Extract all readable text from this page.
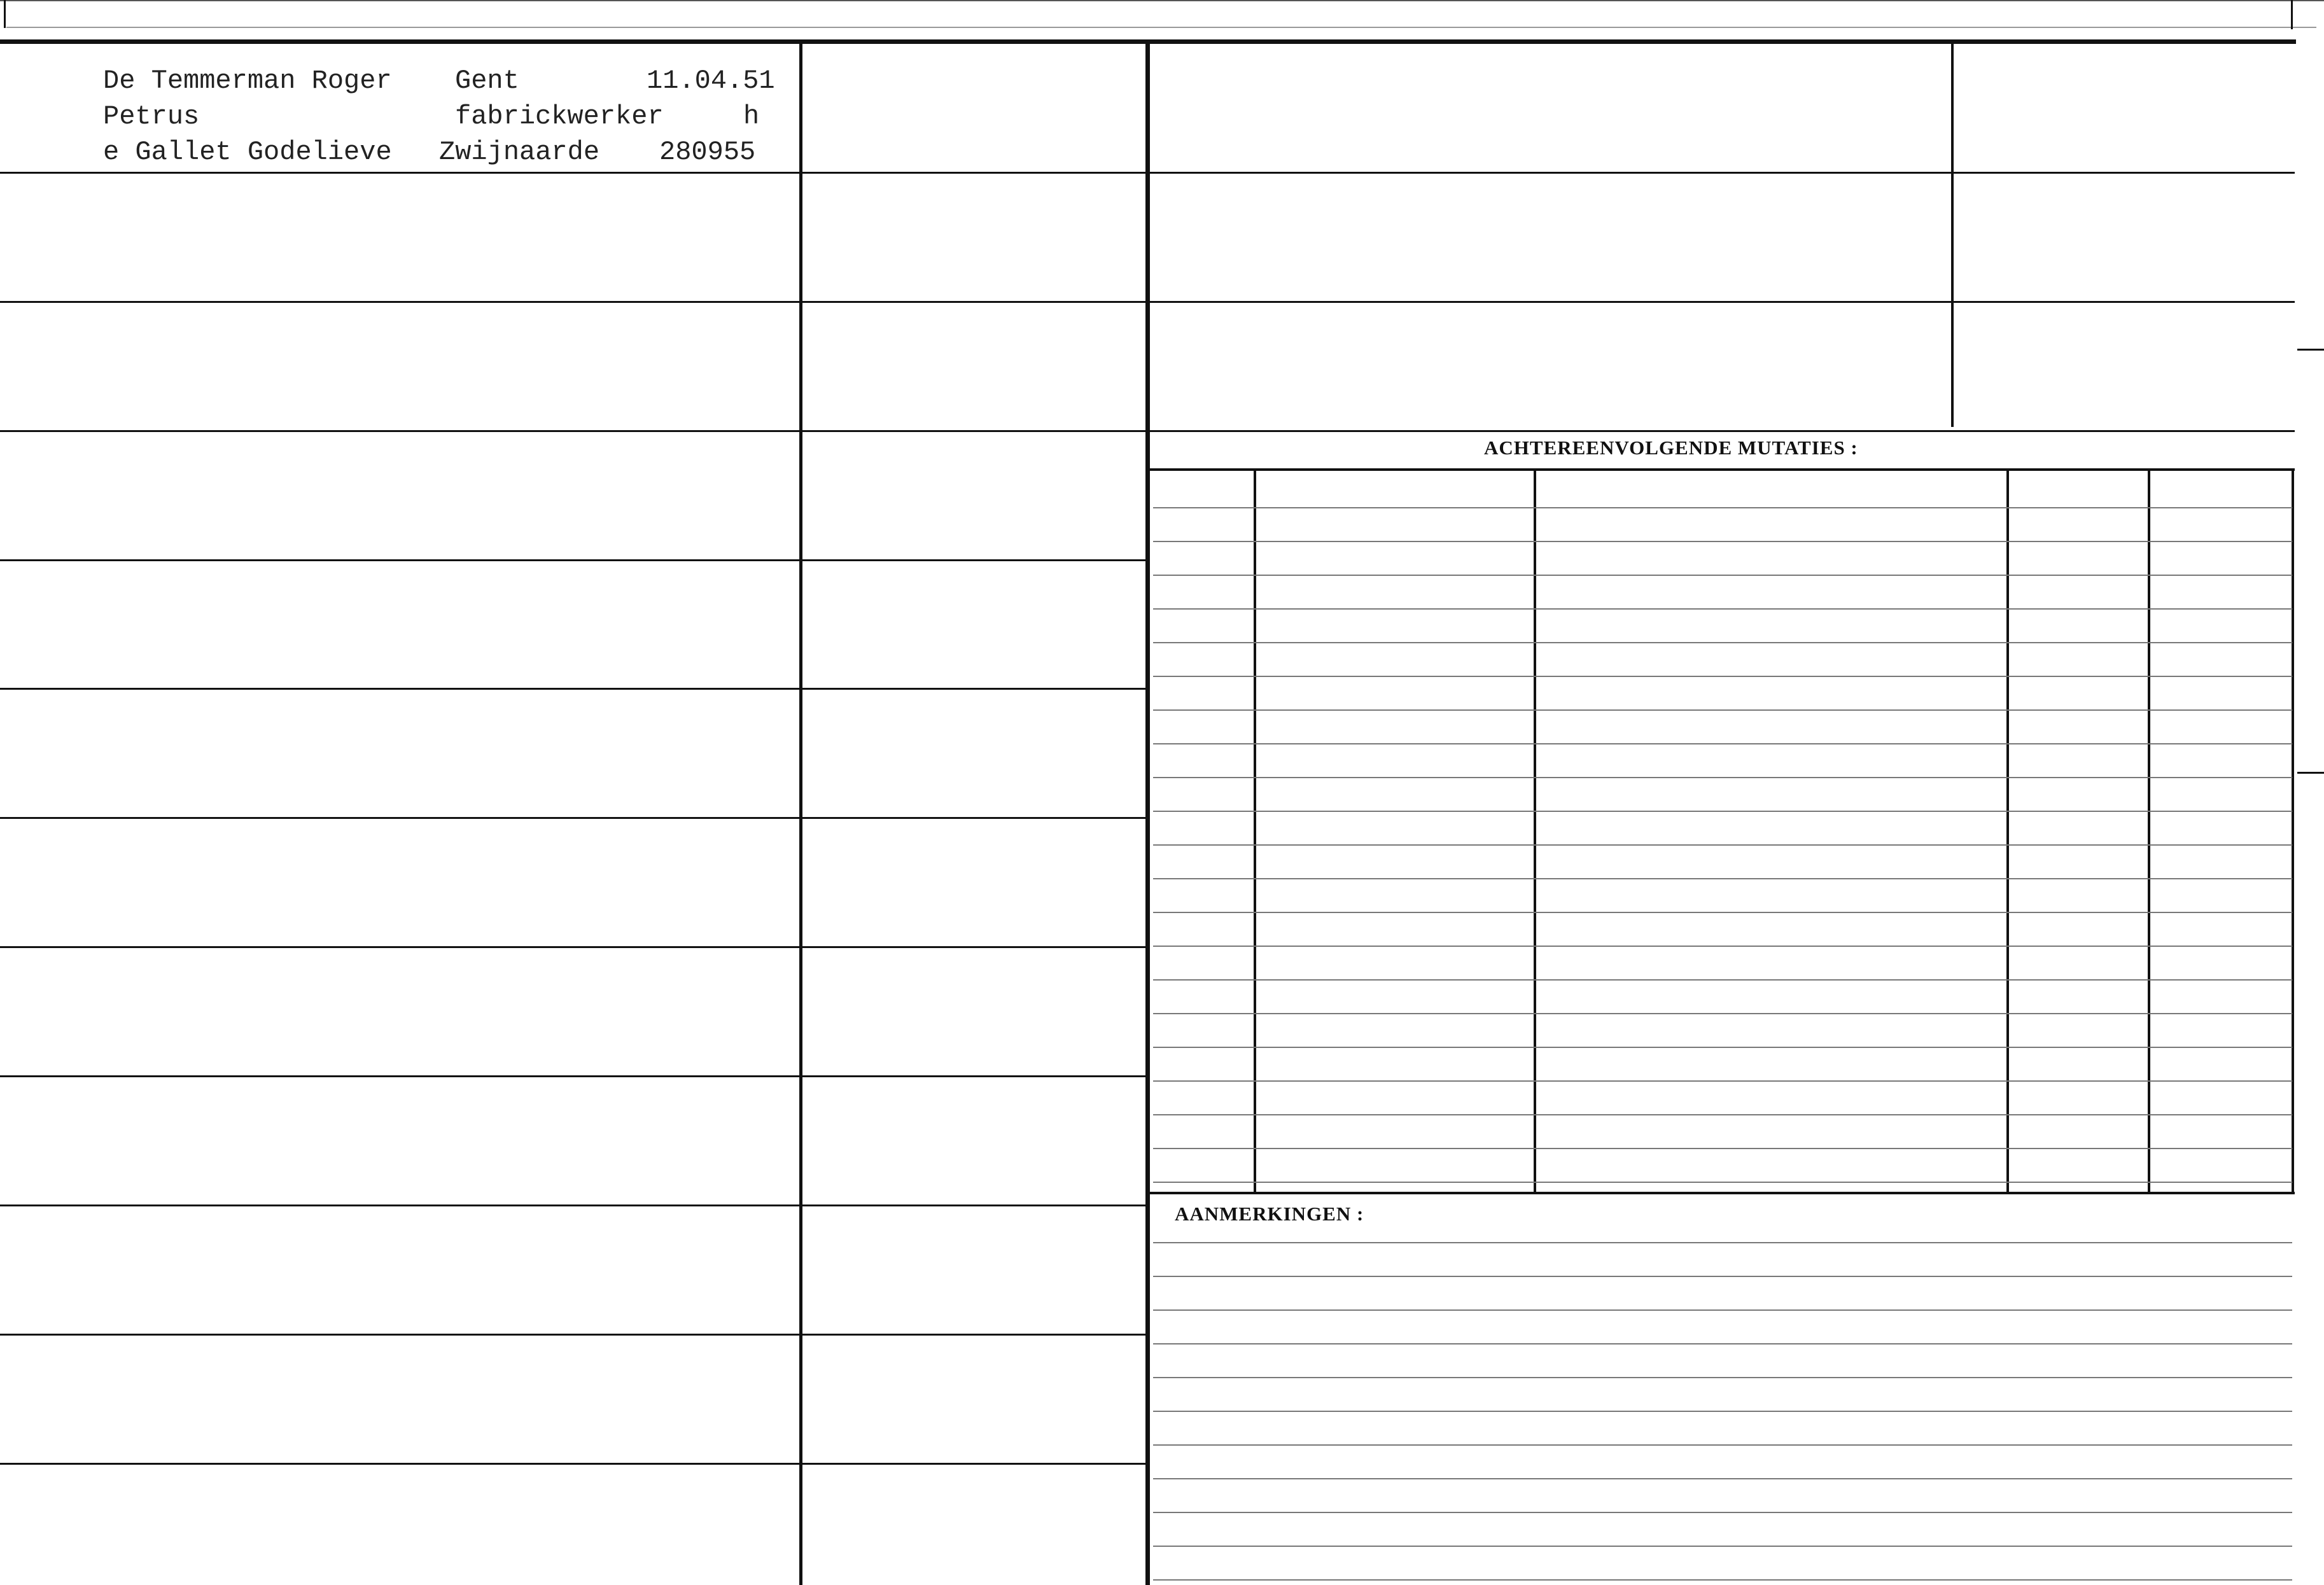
De Temmerman Roger
Petrus
e Gallet Godelieve
Gent
fabrickwerker
Zwijnaarde
11.04.51
h
280955
ACHTEREENVOLGENDE MUTATIES :
AANMERKINGEN :
